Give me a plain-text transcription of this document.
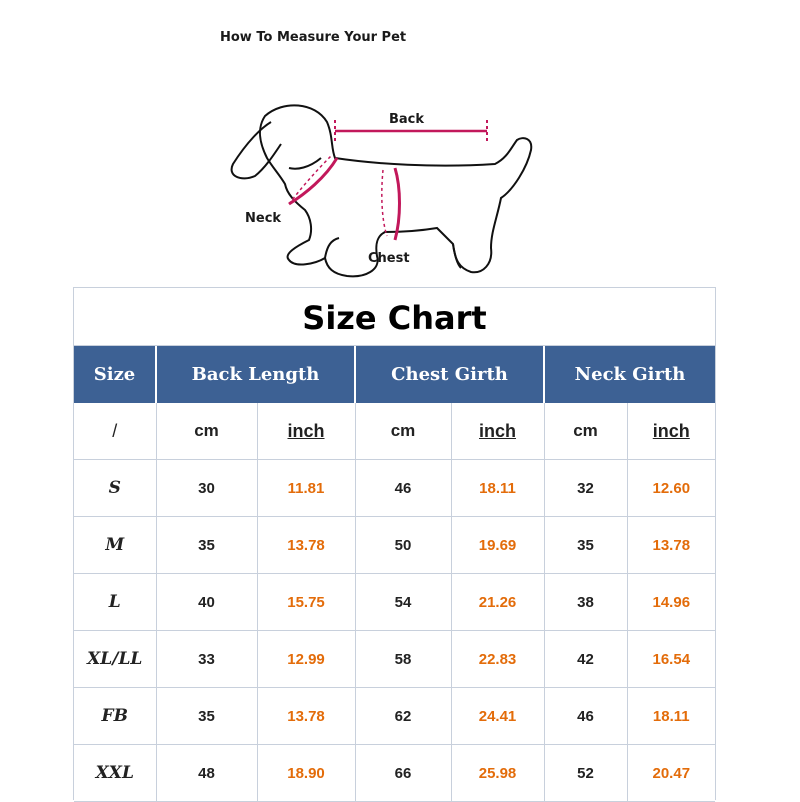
How To Measure Your Pet
Back
Neck
Chest
Size Chart
Size	Back Length		Chest Girth		Neck Girth	
/	cm	inch	cm	inch	cm	inch
S	30	11.81	46	18.11	32	12.60
M	35	13.78	50	19.69	35	13.78
L	40	15.75	54	21.26	38	14.96
XL/LL	33	12.99	58	22.83	42	16.54
FB	35	13.78	62	24.41	46	18.11
XXL	48	18.90	66	25.98	52	20.47
